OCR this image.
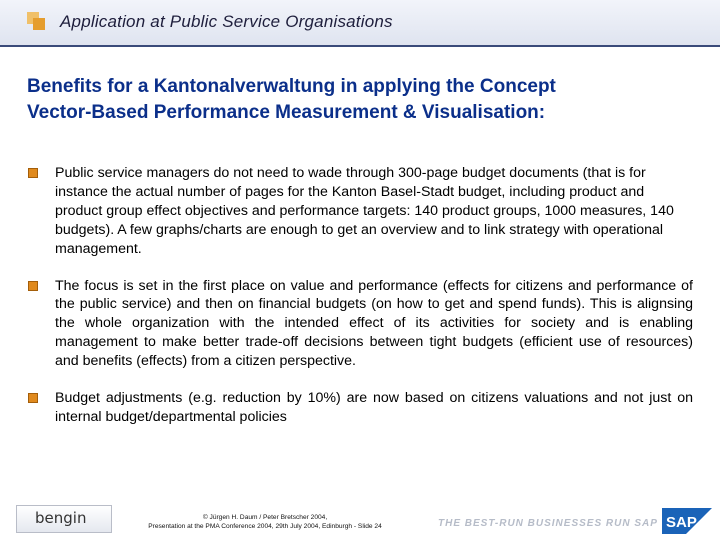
Application at Public Service Organisations
Benefits for a Kantonalverwaltung in applying the Concept
Vector-Based Performance Measurement & Visualisation:
Public service managers do not need to wade through 300-page budget documents (that is for instance the actual number of pages for the Kanton Basel-Stadt budget, including product and product group effect objectives and performance targets: 140 product groups, 1000 measures, 140 budgets). A few graphs/charts are enough to get an overview and to link strategy with operational management.
The focus is set in the first place on value and performance (effects for citizens and performance of the public service) and then on financial budgets (on how to get and spend funds). This is alignsing the whole organization with the intended effect of its activities for society and is enabling management to make better trade-off decisions between tight budgets (efficient use of resources) and benefits (effects) from a citizen perspective.
Budget adjustments (e.g. reduction by 10%) are now based on citizens valuations and not just on internal budget/departmental policies
bengin	© Jürgen H. Daum / Peter Bretscher 2004,
Presentation at the PMA Conference 2004, 29th July 2004, Edinburgh - Slide 24	THE BEST-RUN BUSINESSES RUN SAP SAP
